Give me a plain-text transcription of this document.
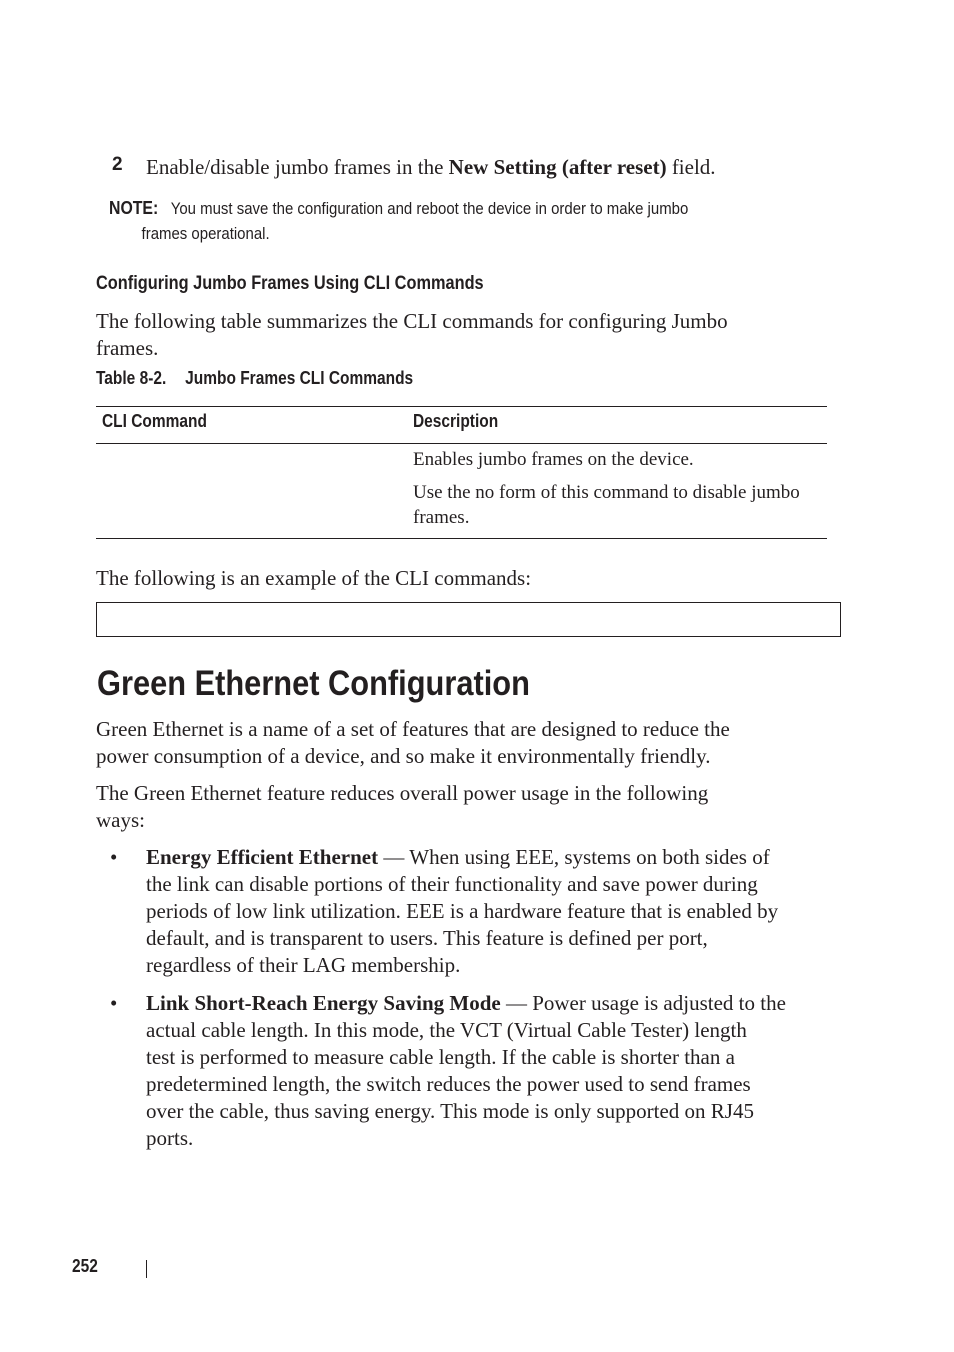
2 Enable/disable jumbo frames in the New Setting (after reset) field.
NOTE: You must save the configuration and reboot the device in order to make jumbo
frames operational.
Configuring Jumbo Frames Using CLI Commands
The following table summarizes the CLI commands for configuring Jumbo
frames.
Table 8-2. Jumbo Frames CLI Commands
CLI Command	Description
Enables jumbo frames on the device.
Use the no form of this command to disable jumbo frames.
The following is an example of the CLI commands:
Green Ethernet Configuration
Green Ethernet is a name of a set of features that are designed to reduce the
power consumption of a device, and so make it environmentally friendly.
The Green Ethernet feature reduces overall power usage in the following
ways:
• Energy Efficient Ethernet — When using EEE, systems on both sides of
the link can disable portions of their functionality and save power during
periods of low link utilization. EEE is a hardware feature that is enabled by
default, and is transparent to users. This feature is defined per port,
regardless of their LAG membership.
• Link Short-Reach Energy Saving Mode — Power usage is adjusted to the
actual cable length. In this mode, the VCT (Virtual Cable Tester) length
test is performed to measure cable length. If the cable is shorter than a
predetermined length, the switch reduces the power used to send frames
over the cable, thus saving energy. This mode is only supported on RJ45
ports.
252
